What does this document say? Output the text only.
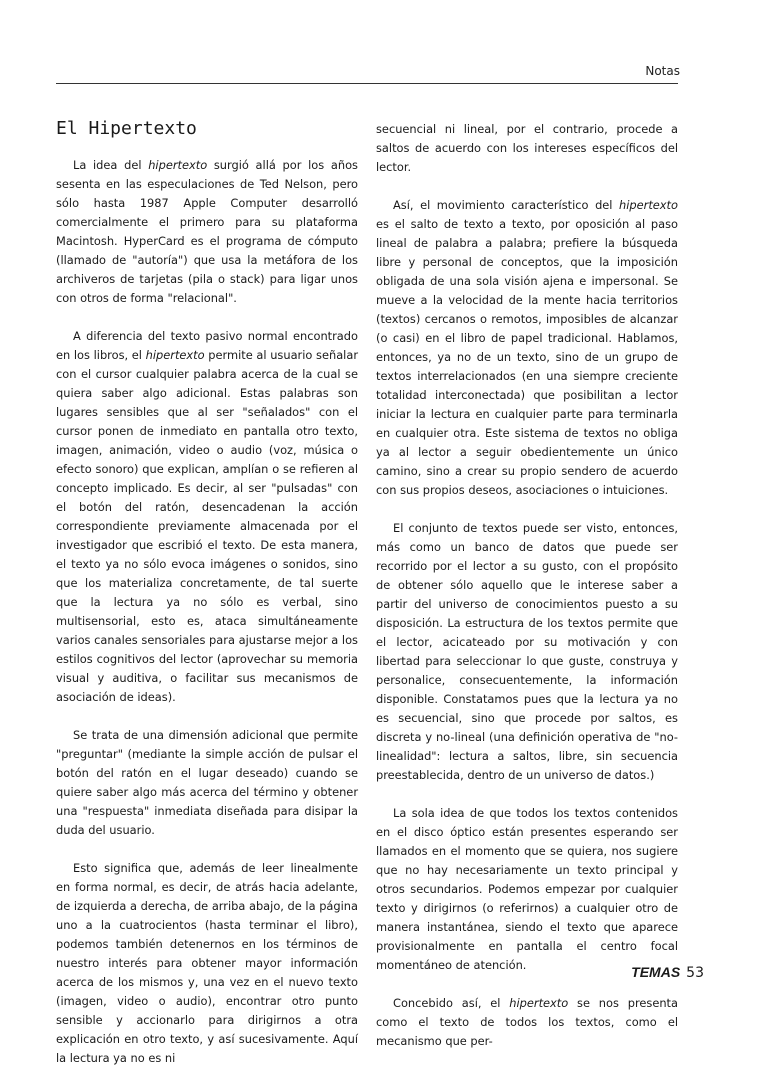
Notas
El Hipertexto

La idea del hipertexto surgió allá por los años sesenta en las especulaciones de Ted Nelson, pero sólo hasta 1987 Apple Computer desarrolló comercialmente el primero para su plataforma Macintosh. HyperCard es el programa de cómputo (llamado de "autoría") que usa la metáfora de los archiveros de tarjetas (pila o stack) para ligar unos con otros de forma "relacional".

A diferencia del texto pasivo normal encontrado en los libros, el hipertexto permite al usuario señalar con el cursor cualquier palabra acerca de la cual se quiera saber algo adicional. Estas palabras son lugares sensibles que al ser "señalados" con el cursor ponen de inmediato en pantalla otro texto, imagen, animación, video o audio (voz, música o efecto sonoro) que explican, amplían o se refieren al concepto implicado. Es decir, al ser "pulsadas" con el botón del ratón, desencadenan la acción correspondiente previamente almacenada por el investigador que escribió el texto. De esta manera, el texto ya no sólo evoca imágenes o sonidos, sino que los materializa concretamente, de tal suerte que la lectura ya no sólo es verbal, sino multisensorial, esto es, ataca simultáneamente varios canales sensoriales para ajustarse mejor a los estilos cognitivos del lector (aprovechar su memoria visual y auditiva, o facilitar sus mecanismos de asociación de ideas).

Se trata de una dimensión adicional que permite "preguntar" (mediante la simple acción de pulsar el botón del ratón en el lugar deseado) cuando se quiere saber algo más acerca del término y obtener una "respuesta" inmediata diseñada para disipar la duda del usuario.

Esto significa que, además de leer linealmente en forma normal, es decir, de atrás hacia adelante, de izquierda a derecha, de arriba abajo, de la página uno a la cuatrocientos (hasta terminar el libro), podemos también detenernos en los términos de nuestro interés para obtener mayor información acerca de los mismos y, una vez en el nuevo texto (imagen, video o audio), encontrar otro punto sensible y accionarlo para dirigirnos a otra explicación en otro texto, y así sucesivamente. Aquí la lectura ya no es ni

secuencial ni lineal, por el contrario, procede a saltos de acuerdo con los intereses específicos del lector.

Así, el movimiento característico del hipertexto es el salto de texto a texto, por oposición al paso lineal de palabra a palabra; prefiere la búsqueda libre y personal de conceptos, que la imposición obligada de una sola visión ajena e impersonal. Se mueve a la velocidad de la mente hacia territorios (textos) cercanos o remotos, imposibles de alcanzar (o casi) en el libro de papel tradicional. Hablamos, entonces, ya no de un texto, sino de un grupo de textos interrelacionados (en una siempre creciente totalidad interconectada) que posibilitan a lector iniciar la lectura en cualquier parte para terminarla en cualquier otra. Este sistema de textos no obliga ya al lector a seguir obedientemente un único camino, sino a crear su propio sendero de acuerdo con sus propios deseos, asociaciones o intuiciones.

El conjunto de textos puede ser visto, entonces, más como un banco de datos que puede ser recorrido por el lector a su gusto, con el propósito de obtener sólo aquello que le interese saber a partir del universo de conocimientos puesto a su disposición. La estructura de los textos permite que el lector, acicateado por su motivación y con libertad para seleccionar lo que guste, construya y personalice, consecuentemente, la información disponible. Constatamos pues que la lectura ya no es secuencial, sino que procede por saltos, es discreta y no-lineal (una definición operativa de "no-linealidad": lectura a saltos, libre, sin secuencia preestablecida, dentro de un universo de datos.)

La sola idea de que todos los textos contenidos en el disco óptico están presentes esperando ser llamados en el momento que se quiera, nos sugiere que no hay necesariamente un texto principal y otros secundarios. Podemos empezar por cualquier texto y dirigirnos (o referirnos) a cualquier otro de manera instantánea, siendo el texto que aparece provisionalmente en pantalla el centro focal momentáneo de atención.

Concebido así, el hipertexto se nos presenta como el texto de todos los textos, como el mecanismo que per-

TEMAS 53
